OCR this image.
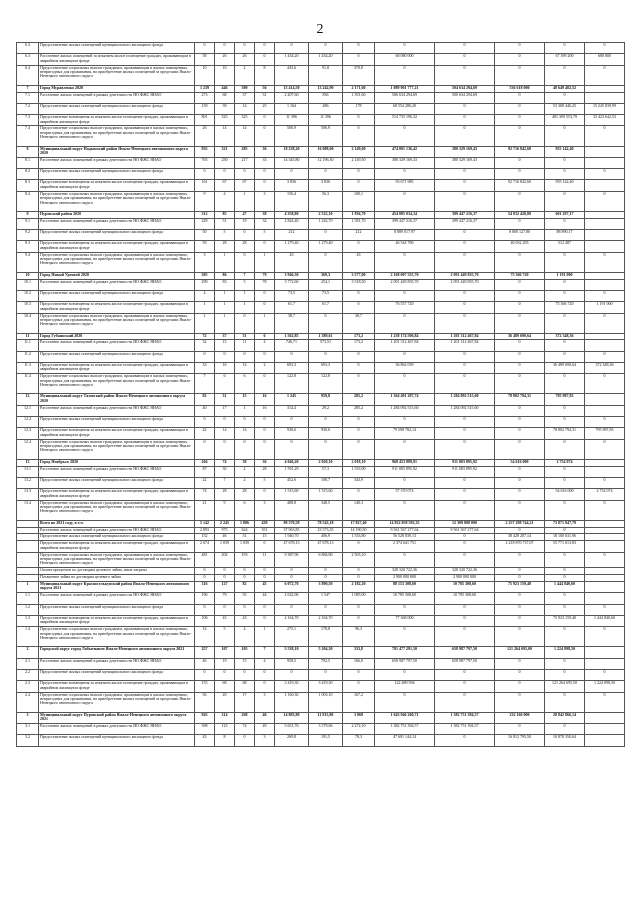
2
6.3	Предоставление жилых помещений муниципального жилищного фонда	0	0	0	0	0	0	0	0	0	0	0	0
6.3	Расселение жилых помещений за изъятием жилое помещение граждан, проживающим в аварийном жилищном фонде	58	26	26	0	1 434,20	1 434,20	0	68 080 000	0	0	67 399 200	680 800
6.4	Предоставление социальных выплат гражданам, проживающим в жилых помещениях, непригодных для проживания, на приобретение жилых помещений за пределами Ямало-Ненецкого автономного округа	10	10	2	8	443,6	91,8	370,8	0	0	0	0	0
7	Город Муравленко 2020	1 239	446	390	56	15 414,50	13 242,90	2 171,60	1 089 901 777,21	504 634 294,69	536 618 000	48 649 482,52	
7.1	Расселение жилых помещений в рамках деятельности НО ФЖС ЯНАО	273	68	37	31	2 207,60	836	1 391,60	506 634 294,69	506 634 294,69	0	0	
7.2	Предоставление жилых помещений муниципального жилищного фонда	139	39	14	25	1 164	486	178	68 554 286,20	0	0	53 308 446,25	15 245 839,99
7.3	Предоставление возмещения за изъятием жилое помещение граждан, проживающим в аварийном жилищном фонде	801	325	325	0	11 396	11 396	0	514 733 196,32	0	0	481 309 553,79	33 423 642,53
7.4	Предоставление социальных выплат гражданам, проживающим в жилых помещениях, непригодных для проживания, на приобретение жилых помещений за пределами Ямало-Ненецкого автономного округа	26	14	14	0	506,9	506,9	0	0	0	0	0	0
8	Муниципальный округ Надымский район Ямало-Ненецкого автономного округа 2020	935	321	285	36	18 238,20	16 088,60	2 149,60	474 001 136,42	380 329 169,43	92 716 842,60	955 142,40	
8.1	Расселение жилых помещений в рамках деятельности НО ФЖС ЯНАО	765	250	217	33	14 345,80	12 196,30	2 149,50	380 329 169,43	380 329 169,43	0	0	
8.2	Предоставление жилых помещений муниципального жилищного фонда	0	0	0	0	0	0	0	0	0	0	0	0
8.3	Предоставление возмещения за изъятием жилое помещение граждан, проживающим в аварийном жилищном фонде	161	67	67	0	3 836	3 836	0	93 671 985	0	92 716 842,60	955 142,40	
8.4	Предоставление социальных выплат гражданам, проживающим в жилых помещениях, непригодных для проживания, на приобретение жилых помещений за пределами Ямало-Ненецкого автономного округа	9	4	1	3	156,4	56,3	100,1	0	0	0	0	0
9	Пуровский район 2020	312	85	47	38	4 358,80	2 522,10	1 836,70	454 885 034,34	399 447 216,37	54 832 420,80	601 297,17	
9.1	Расселение жилых помещений в рамках деятельности НО ФЖС ЯНАО	249	51	19	32	2 824,40	1 242,70	1 581,70	399 447 216,37	399 447 216,37	0	0	
9.2	Предоставление жилых помещений муниципального жилищного фонда	50	5	0	5	212	0	212	8 889 017,97	0	8 800 127,80	88 890,17	
9.3	Предоставление возмещения за изъятием жилое помещение граждан, проживающим в аварийном жилищном фонде	59	28	28	0	1 279,40	1 279,40	0	46 544 780	0	46 032 293	512 487	
9.4	Предоставление социальных выплат гражданам, проживающим в жилых помещениях, непригодных для проживания, на приобретение жилых помещений за пределами Ямало-Ненецкого автономного округа	3	1	0	1	43	0	43	0	0	0	0	0
10	Город Новый Уренгой 2020	305	86	7	79	3 946,30	369,3	3 577,00	2 168 007 555,70	2 091 449 835,70	75 366 720	1 191 000	
10.1	Расселение жилых помещений в рамках деятельности НО ФЖС ЯНАО	299	83	5	78	3 772,60	254,1	3 518,50	2 091 449 835,70	2 091 449 835,70	0	0	
10.2	Предоставление жилых помещений муниципального жилищного фонда	4	1	1	0	73,5	73,5	0	0	0	0	0	0
10.3	Предоставление возмещения за изъятием жилое помещение граждан, проживающим в аварийном жилищном фонде	1	1	1	0	61,7	61,7	0	76 557 720	0	0	75 366 720	1 191 000
10.4	Предоставление социальных выплат гражданам, проживающим в жилых помещениях, непригодных для проживания, на приобретение жилых помещений за пределами Ямало-Ненецкого автономного округа	1	1	0	1	38,7	0	38,7	0	0	0	0	0
11	Город Губкинский 2020	72	37	31	6	1 562,85	1 389,61	173,2	1 238 174 506,84	1 201 312 467,84	36 489 690,64	372 348,36	
11.1	Расселение жилых помещений в рамках деятельности НО ФЖС ЯНАО	32	15	11	4	746,71	573,51	173,2	1 201 312 467,84	1 201 312 467,84	0	0	
11.2	Предоставление жилых помещений муниципального жилищного фонда	0	0	0	0	0	0	0	0	0	0	0	0
11.3	Предоставление возмещения за изъятием жилое помещение граждан, проживающим в аварийном жилищном фонде	33	16	14	2	693,3	693,3	0	36 862 039	0	0	36 489 690,64	372 348,36
11.4	Предоставление социальных выплат гражданам, проживающим в жилых помещениях, непригодных для проживания, на приобретение жилых помещений за пределами Ямало-Ненецкого автономного округа	7	6	6	0	122,8	122,8	0	0	0	0	0	0
12	Муниципальный округ Тазовский район Ямало-Ненецкого автономного округа 2020	82	31	15	16	1 245	959,8	285,2	1 364 491 297,74	1 284 092 515,60	78 802 794,31	795 987,83	
12.1	Расселение жилых помещений в рамках деятельности НО ФЖС ЯНАО	40	17	1	16	314,4	29,2	285,2	1 284 092 515,60	1 284 092 515,60	0	0	
12.2	Предоставление жилых помещений муниципального жилищного фонда	0	0	0	0	0	0	0	0	0	0	0	0
12.3	Предоставление возмещения за изъятием жилое помещение граждан, проживающим в аварийном жилищном фонде	42	14	14	0	930,6	930,6	0	79 598 782,14	0	0	78 802 794,31	795 987,83
12.4	Предоставление социальных выплат гражданам, проживающим в жилых помещениях, непригодных для проживания, на приобретение жилых помещений за пределами Ямало-Ненецкого автономного округа	0	0	0	0	0	0	0	0	0	0	0	0
13	Город Ноябрьск 2020	204	74	38	36	4 046,20	2 020,10	2 018,10	968 453 889,91	911 083 895,92	54 616 000	2 754 074	
13.1	Расселение жилых помещений в рамках деятельности НО ФЖС ЯНАО	87	30	2	28	1 591,29	57,3	1 533,90	911 083 895,92	911 083 895,92	0	0	
13.2	Предоставление жилых помещений муниципального жилищного фонда	22	7	2	5	452,6	108,7	343,9	0	0	0	0	0
13.3	Предоставление возмещения за изъятием жилое помещение граждан, проживающим в аварийном жилищном фонде	74	28	28	0	1 515,60	1 515,60	0	57 370 074	0	0	54 616 000	2 754 074
13.4	Предоставление социальных выплат гражданам, проживающим в жилых помещениях, непригодных для проживания, на приобретение жилых помещений за пределами Ямало-Ненецкого автономного округа	21	9	6	3	488,8	348,5	140,3	0	0	0	0	0
	Всего по 2021 году, в т.ч.	5 142	2 245	1 806	439	98 370,58	78 543,18	17 827,40	14 822 058 592,35	12 309 808 000	2 257 298 744,21	73 871 847,79	
	Расселение жилых помещений в рамках деятельности НО ФЖС ЯНАО	2 893	975	624	351	37 963,85	23 573,35	14 190,50	9 561 567 277,64	9 561 567 277,64	0	0	
	Предоставление жилых помещений муниципального жилищного фонда	152	46	31	15	1 940,70	406,9	1 533,80	56 528 839,13	0	38 428 207,14	18 100 631,96	
	Предоставление возмещения за изъятием жилое помещение граждан, проживающим в аварийном жилищном фонде	2 674	1 039	1 039	0	47 678,13	47 678,13	0	2 374 641 751	0	2 218 870 737,07	55 771 013,83	
	Предоставление социальных выплат гражданам, проживающим в жилых помещениях, непригодных для проживания, на приобретение жилых помещений за пределами Ямало-Ненецкого автономного округа	481	204	193	11	9 387,90	6 884,80	2 503,10	0	0	0	0	0
	Оплата процентов по договорам целевого займа, иные затраты	0	0	0	0	0	0	0	328 320 722,36	328 320 722,36	0	0	
	Погашение займа по договорам целевого займа	0	0	0	0	0	0	0	2 900 000 000	2 900 000 000	0	0	
1	Муниципальный округ Красноселькупский район Ямало-Ненецкого автономного округа 2021	316	127	82	45	6 072,70	3 890,50	2 182,20	88 153 308,60	10 785 308,60	75 923 159,40	1 444 840,60	
1.1	Расселение жилых помещений в рамках деятельности НО ФЖС ЯНАО	196	79	35	44	2 632,90	1 547	1 085,90	10 785 308,60	10 785 308,60	0	0	
1.2	Предоставление жилых помещений муниципального жилищного фонда	0	0	0	0	0	0	0	0	0	0	0	0
1.3	Предоставление возмещения за изъятием жилое помещение граждан, проживающим в аварийном жилищном фонде	106	43	43	0	2 164,70	2 164,70	0	77 368 000	0	0	75 923 159,40	1 444 840,60
1.4	Предоставление социальных выплат гражданам, проживающим в жилых помещениях, непригодных для проживания, на приобретение жилых помещений за пределами Ямало-Ненецкого автономного округа	14	5	4	1	275,1	178,8	96,3	0	0	0	0	0
2	Городской округ город Лабытнанги Ямало-Ненецкого автономного округа 2021	257	107	105	7	5 538,10	5 204,30	333,8	781 477 291,50	658 987 797,50	121 264 695,00	1 224 898,50	
2.1	Расселение жилых помещений в рамках деятельности НО ФЖС ЯНАО	46	19	15	4	958,5	792,5	166,0	658 987 797,50	658 987 797,50	0	0	
2.2	Предоставление жилых помещений муниципального жилищного фонда	0	0	0	0	0	0	0	0	0	0	0	0
2.3	Предоставление возмещения за изъятием жилое помещение граждан, проживающим в аварийном жилищном фонде	155	68	68	0	3 419,30	3 419,30	0	122 489 594	0	0	121 264 695,50	1 224 898,50
2.4	Предоставление социальных выплат гражданам, проживающим в жилых помещениях, непригодных для проживания, на приобретение жилых помещений за пределами Ямало-Ненецкого автономного округа	56	20	17	3	1 160,30	1 003,10	167,2	0	0	0	0	0
3	Муниципальный округ Пуровский район Ямало-Ненецкого автономного округа 2021	943	314	268	46	14 883,80	11 815,80	3 068	1 643 946 260,71	1 382 751 394,57	232 166 000	28 842 866,14	
3.1	Расселение жилых помещений в рамках деятельности НО ФЖС ЯНАО	398	123	74	49	5 651,76	3 379,66	2 272,10	1 382 751 394,57	1 382 751 394,57	0	0	
3.2	Предоставление жилых помещений муниципального жилищного фонда	43	8	0	3	269,8	191,5	78,3	47 691 144,14	0	16 812 795,50	10 878 350,64	
